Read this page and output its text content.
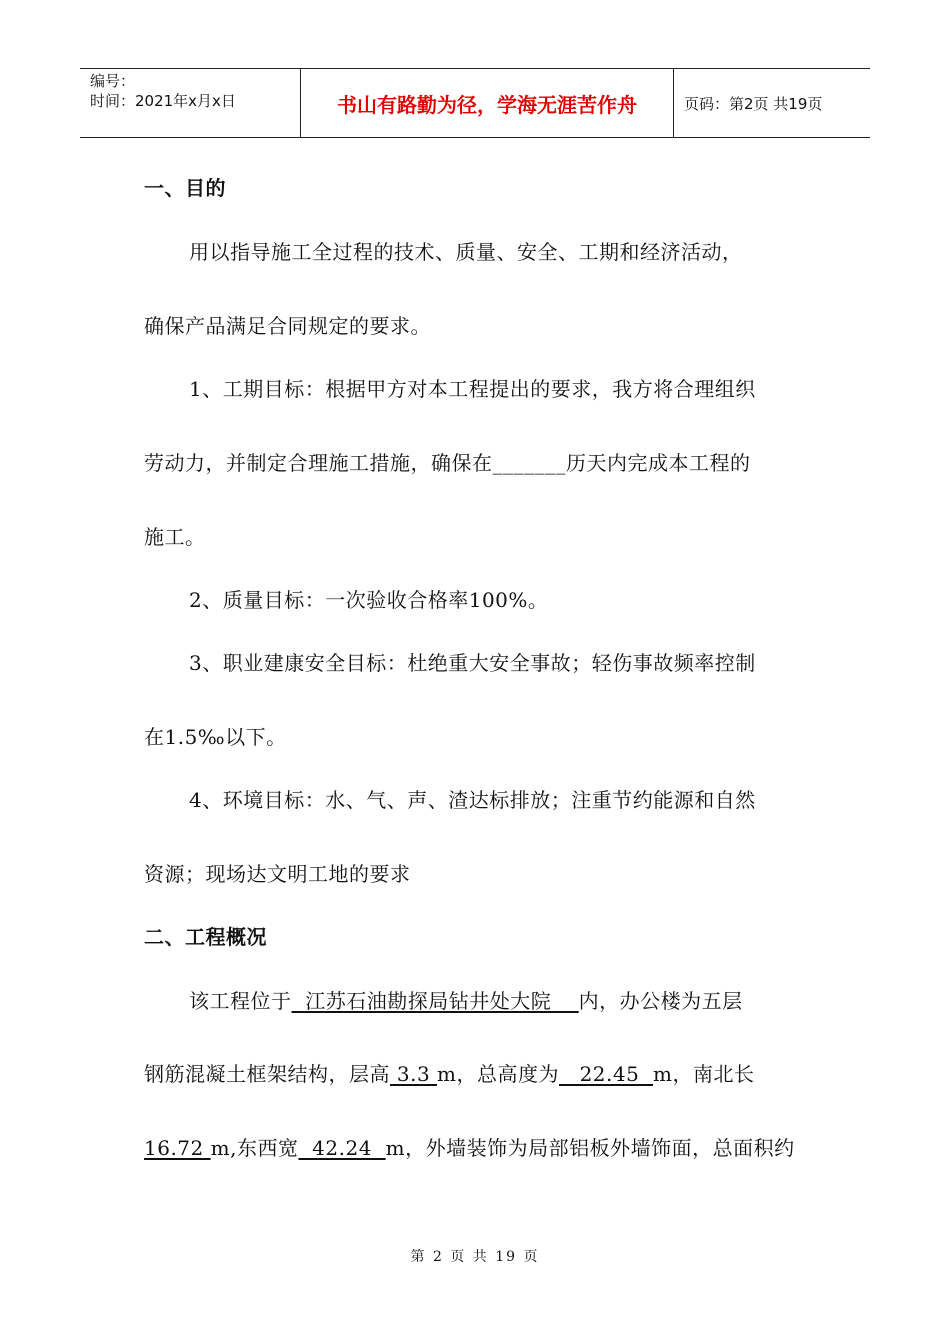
编号：
时间：2021年x月x日	书山有路勤为径，学海无涯苦作舟	页码：第2页 共19页
一、目的
用以指导施工全过程的技术、质量、安全、工期和经济活动，
确保产品满足合同规定的要求。
1、工期目标：根据甲方对本工程提出的要求，我方将合理组织
劳动力，并制定合理施工措施，确保在_______历天内完成本工程的
施工。
2、质量目标：一次验收合格率100%。
3、职业建康安全目标：杜绝重大安全事故；轻伤事故频率控制
在1.5‰以下。
4、环境目标：水、气、声、渣达标排放；注重节约能源和自然
资源；现场达文明工地的要求
二、工程概况
该工程位于  江苏石油勘探局钻井处大院    内，办公楼为五层
钢筋混凝土框架结构，层高 3.3 m，总高度为   22.45  m，南北长
16.72 m,东西宽  42.24  m，外墙装饰为局部铝板外墙饰面，总面积约
第 2 页 共 19 页
